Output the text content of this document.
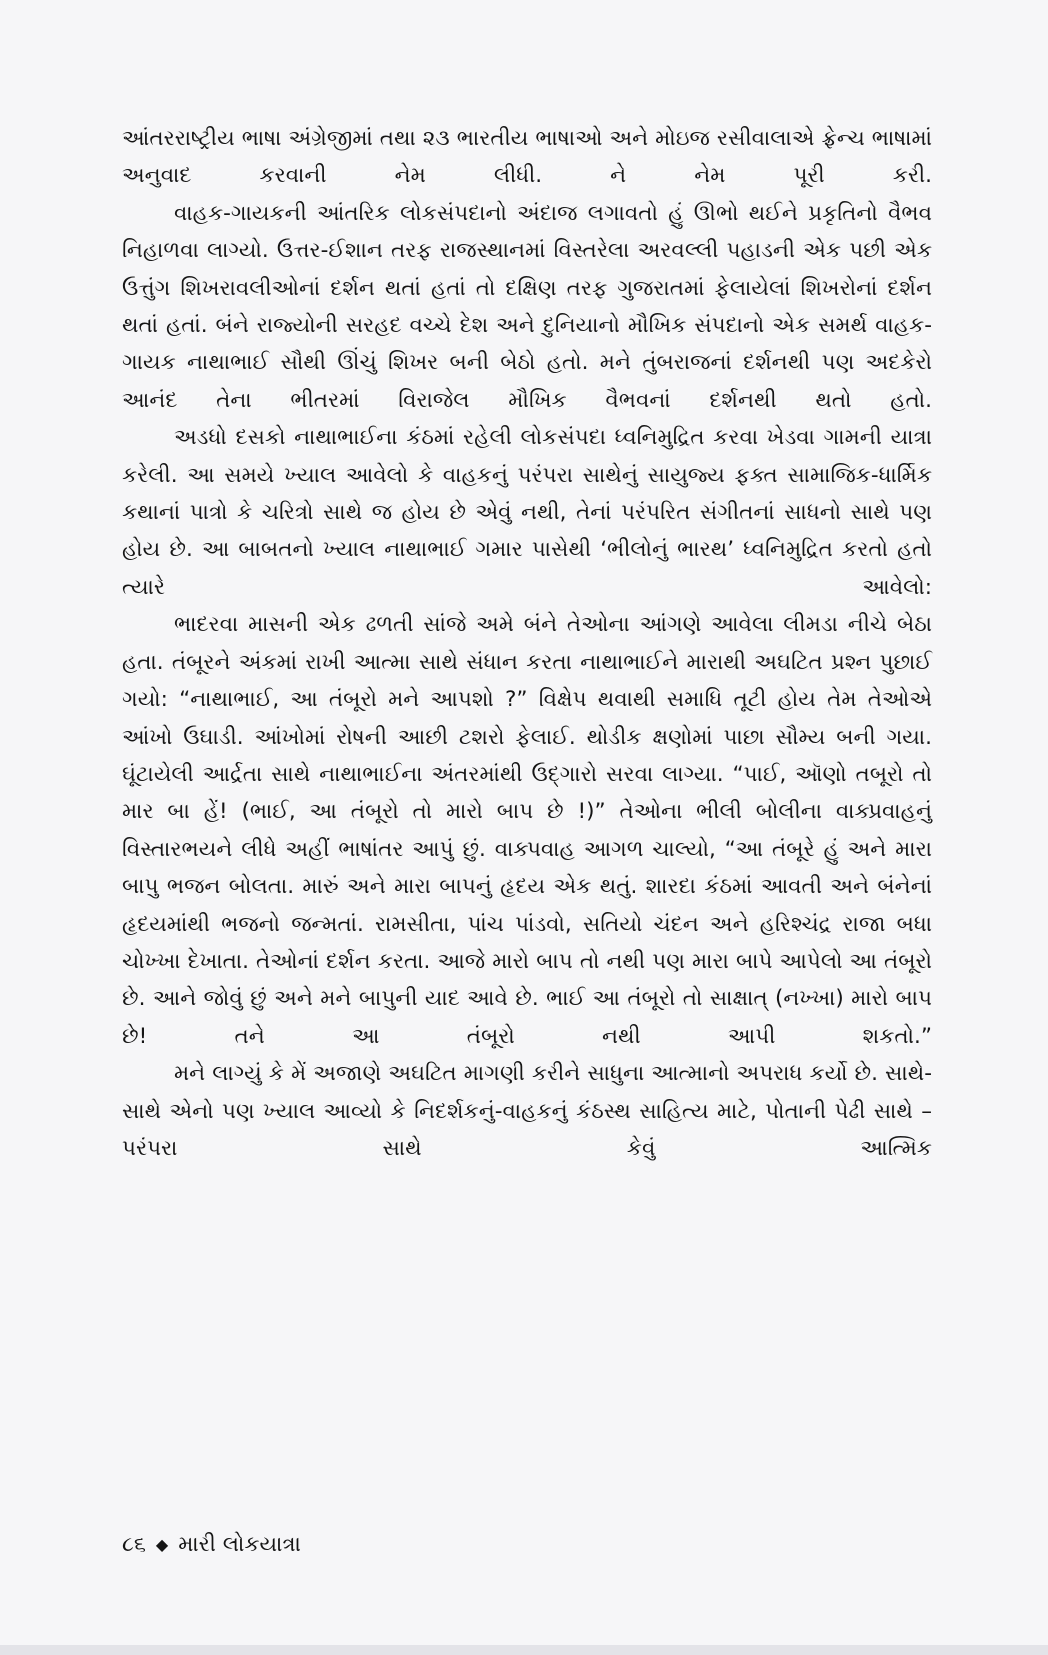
આંતરરાષ્ટ્રીય ભાષા અંગ્રેજીમાં તથા ૨૩ ભારતીય ભાષાઓ અને મોઇજ રસીવાલાએ ફ્રેન્ચ ભાષામાં અનુવાદ કરવાની નેમ લીધી. ને નેમ પૂરી કરી.

વાહક-ગાયકની આંતરિક લોકસંપદાનો અંદાજ લગાવતો હું ઊભો થઈને પ્રકૃતિનો વૈભવ નિહાળવા લાગ્યો. ઉત્તર-ઈશાન તરફ રાજસ્થાનમાં વિસ્તરેલા અરવલ્લી પહાડની એક પછી એક ઉત્તુંગ શિખરાવલીઓનાં દર્શન થતાં હતાં તો દક્ષિણ તરફ ગુજરાતમાં ફેલાયેલાં શિખરોનાં દર્શન થતાં હતાં. બંને રાજ્યોની સરહદ વચ્ચે દેશ અને દુનિયાનો મૌખિક સંપદાનો એક સમર્થ વાહક-ગાયક નાથાભાઈ સૌથી ઊંચું શિખર બની બેઠો હતો. મને તુંબરાજનાં દર્શનથી પણ અદકેરો આનંદ તેના ભીતરમાં વિરાજેલ મૌખિક વૈભવનાં દર્શનથી થતો હતો.

અડધો દસકો નાથાભાઈના કંઠમાં રહેલી લોકસંપદા ધ્વનિમુદ્રિત કરવા ખેડવા ગામની યાત્રા કરેલી. આ સમયે ખ્યાલ આવેલો કે વાહકનું પરંપરા સાથેનું સાયુજ્ય ફક્ત સામાજિક-ધાર્મિક કથાનાં પાત્રો કે ચરિત્રો સાથે જ હોય છે એવું નથી, તેનાં પરંપરિત સંગીતનાં સાધનો સાથે પણ હોય છે. આ બાબતનો ખ્યાલ નાથાભાઈ ગમાર પાસેથી ‘ભીલોનું ભારથ’ ધ્વનિમુદ્રિત કરતો હતો ત્યારે આવેલો:

ભાદરવા માસની એક ઢળતી સાંજે અમે બંને તેઓના આંગણે આવેલા લીમડા નીચે બેઠા હતા. તંબૂરને અંકમાં રાખી આત્મા સાથે સંધાન કરતા નાથાભાઈને મારાથી અઘટિત પ્રશ્ન પુછાઈ ગયો: “નાથાભાઈ, આ તંબૂરો મને આપશો ?” વિક્ષેપ થવાથી સમાધિ તૂટી હોય તેમ તેઓએ આંખો ઉઘાડી. આંખોમાં રોષની આછી ટશરો ફેલાઈ. થોડીક ક્ષણોમાં પાછા સૌમ્ય બની ગયા. ઘૂંટાયેલી આર્દ્રતા સાથે નાથાભાઈના અંતરમાંથી ઉદ્‌ગારો સરવા લાગ્યા. “પાઈ, ઑણો તબૂરો તો માર બા હેં! (ભાઈ, આ તંબૂરો તો મારો બાપ છે !)” તેઓના ભીલી બોલીના વાક્પ્રવાહનું વિસ્તારભયને લીધે અહીં ભાષાંતર આપું છું. વાક્પવાહ આગળ ચાલ્યો, “આ તંબૂરે હું અને મારા બાપુ ભજન બોલતા. મારું અને મારા બાપનું હૃદય એક થતું. શારદા કંઠમાં આવતી અને બંનેનાં હૃદયમાંથી ભજનો જન્મતાં. રામસીતા, પાંચ પાંડવો, સતિયો ચંદન અને હરિશ્ચંદ્ર રાજા બધા ચોખ્ખા દેખાતા. તેઓનાં દર્શન કરતા. આજે મારો બાપ તો નથી પણ મારા બાપે આપેલો આ તંબૂરો છે. આને જોવું છું અને મને બાપુની યાદ આવે છે. ભાઈ આ તંબૂરો તો સાક્ષાત્ (નખ્ખા) મારો બાપ છે! તને આ તંબૂરો નથી આપી શકતો.”

મને લાગ્યું કે મેં અજાણે અઘટિત માગણી કરીને સાધુના આત્માનો અપરાધ કર્યો છે. સાથે-સાથે એનો પણ ખ્યાલ આવ્યો કે નિદર્શકનું-વાહકનું કંઠસ્થ સાહિત્ય માટે, પોતાની પેઢી સાથે – પરંપરા સાથે કેવું આત્મિક

૮૬ ◆ મારી લોકયાત્રા
